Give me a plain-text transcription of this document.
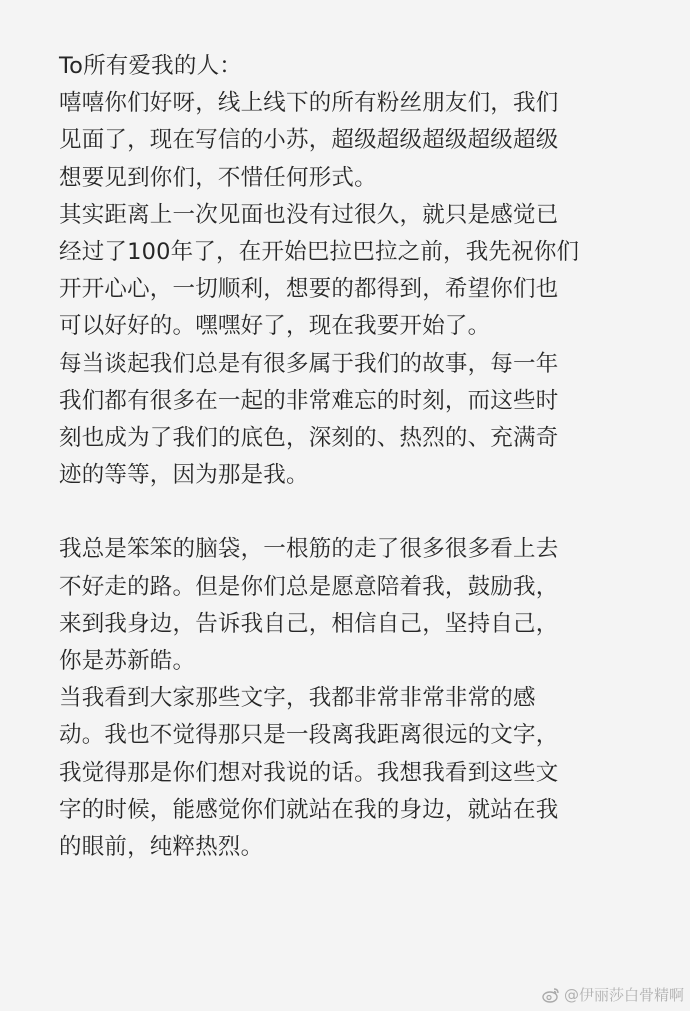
To所有爱我的人：
嘻嘻你们好呀，线上线下的所有粉丝朋友们，我们
见面了，现在写信的小苏，超级超级超级超级超级
想要见到你们，不惜任何形式。
其实距离上一次见面也没有过很久，就只是感觉已
经过了100年了，在开始巴拉巴拉之前，我先祝你们
开开心心，一切顺利，想要的都得到，希望你们也
可以好好的。嘿嘿好了，现在我要开始了。
每当谈起我们总是有很多属于我们的故事，每一年
我们都有很多在一起的非常难忘的时刻，而这些时
刻也成为了我们的底色，深刻的、热烈的、充满奇
迹的等等，因为那是我。
我总是笨笨的脑袋，一根筋的走了很多很多看上去
不好走的路。但是你们总是愿意陪着我，鼓励我，
来到我身边，告诉我自己，相信自己，坚持自己，
你是苏新皓。
当我看到大家那些文字，我都非常非常非常的感
动。我也不觉得那只是一段离我距离很远的文字，
我觉得那是你们想对我说的话。我想我看到这些文
字的时候，能感觉你们就站在我的身边，就站在我
的眼前，纯粹热烈。
@伊丽莎白骨精啊
